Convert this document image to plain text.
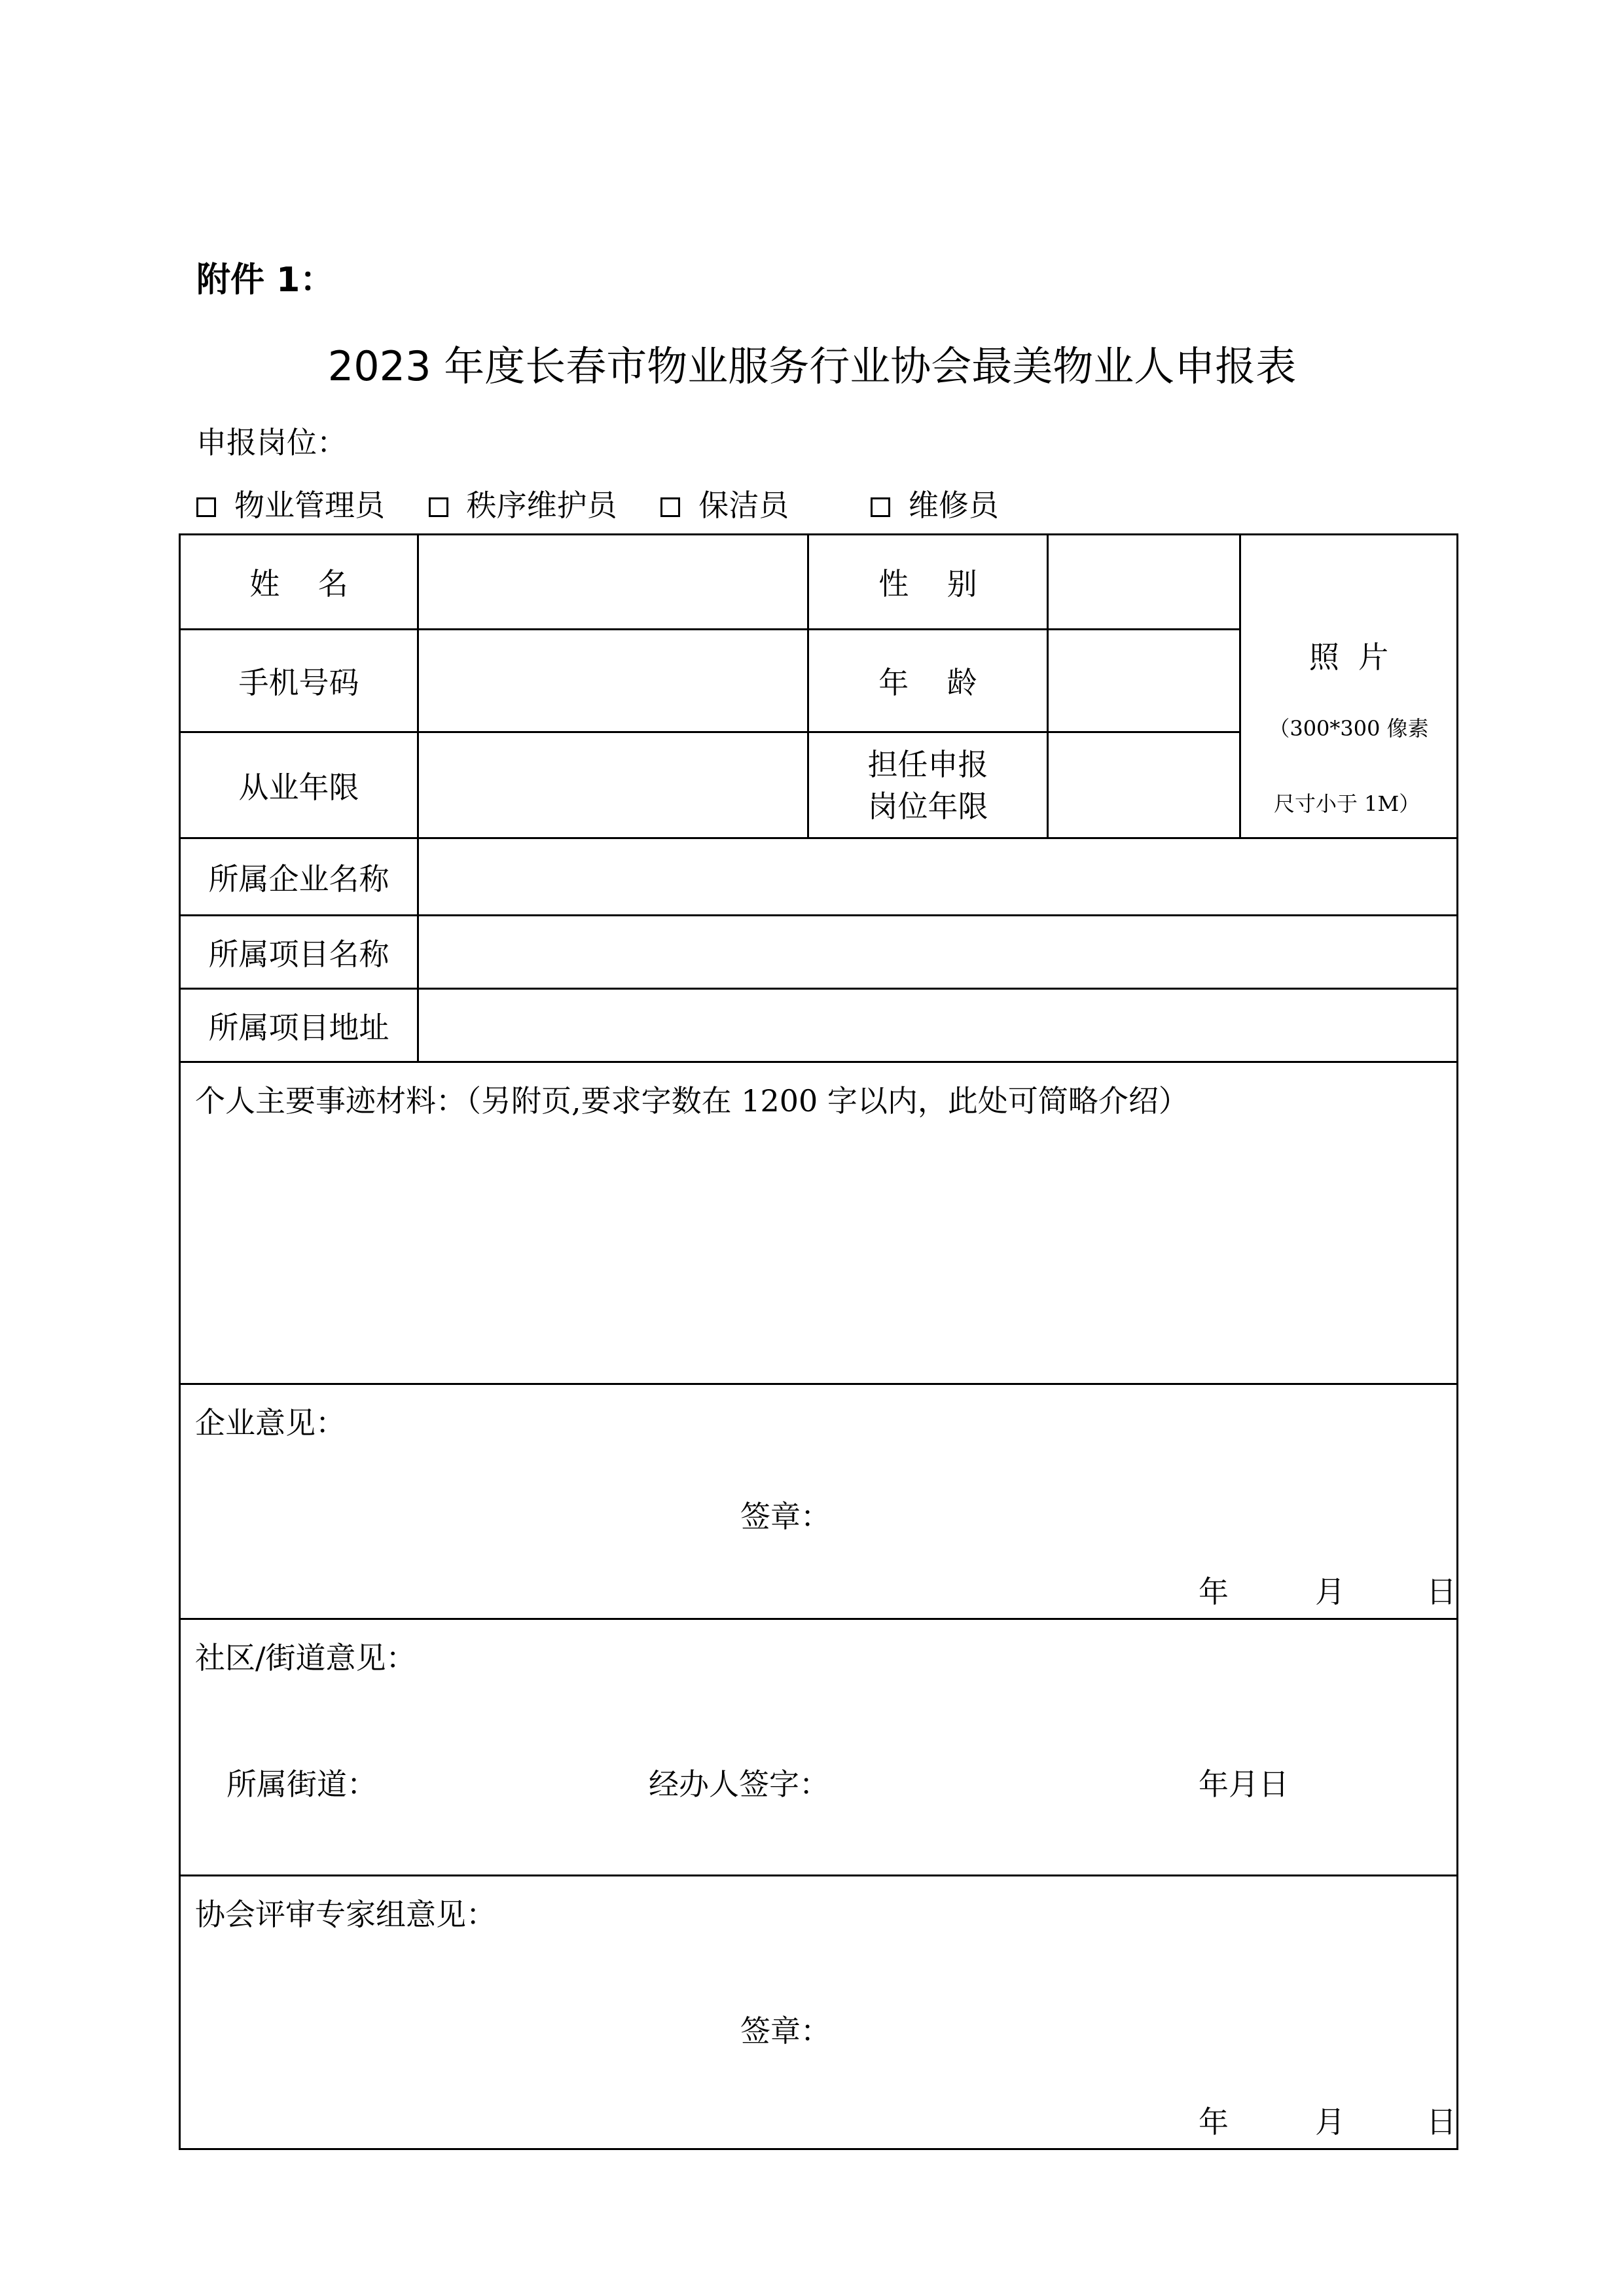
附件 1：
2023 年度长春市物业服务行业协会最美物业人申报表
申报岗位：
物业管理员	秩序维护员	保洁员	维修员
姓    名		性    别		照  片
（300*300 像素
尺寸小于 1M）

手机号码		年    龄		
从业年限		担任申报
岗位年限		

所属企业名称				
所属项目名称				
所属项目地址				

个人主要事迹材料：（另附页,要求字数在 1200 字以内，此处可简略介绍）				

企业意见：
签章：
年 月 日				

社区/街道意见：
所属街道： 经办人签字： 年月日				

协会评审专家组意见：
签章：
年 月 日				
